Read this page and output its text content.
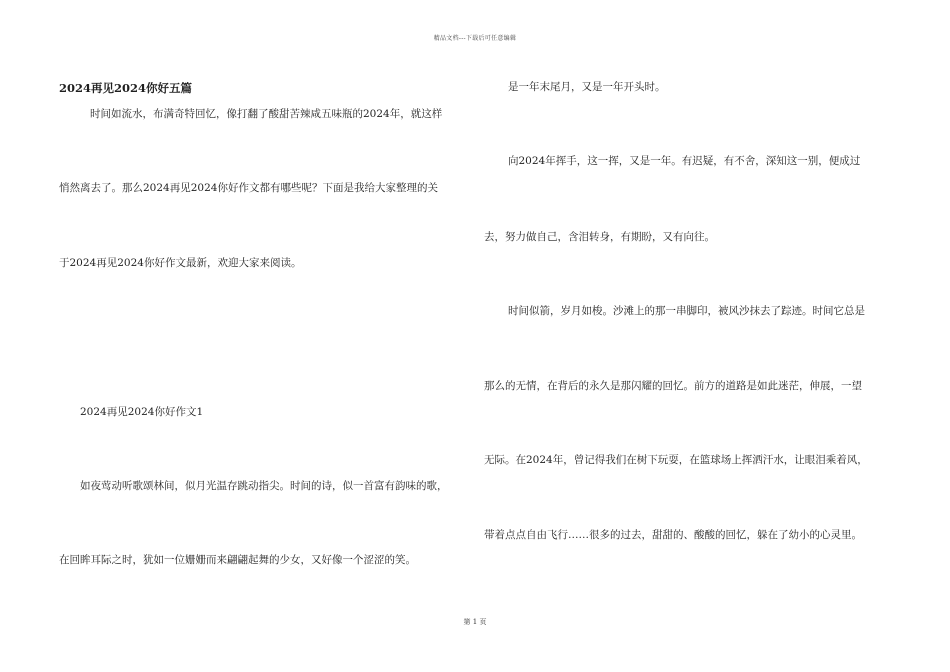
精品文档---下载后可任意编辑
2024再见2024你好五篇
时间如流水，布满奇特回忆，像打翻了酸甜苦辣咸五味瓶的2024年，就这样
悄然离去了。那么2024再见2024你好作文都有哪些呢？下面是我给大家整理的关
于2024再见2024你好作文最新，欢迎大家来阅读。
2024再见2024你好作文1
如夜莺动听歌颂林间，似月光温存跳动指尖。时间的诗，似一首富有韵味的歌，
在回眸耳际之时，犹如一位姗姗而来翩翩起舞的少女，又好像一个涩涩的笑。
是一年末尾月，又是一年开头时。
向2024年挥手，这一挥，又是一年。有迟疑，有不舍，深知这一别，便成过
去，努力做自己，含泪转身，有期盼，又有向往。
时间似箭，岁月如梭。沙滩上的那一串脚印，被风沙抹去了踪迹。时间它总是
那么的无情，在背后的永久是那闪耀的回忆。前方的道路是如此迷茫，伸展，一望
无际。在2024年，曾记得我们在树下玩耍，在篮球场上挥洒汗水，让眼泪乘着风，
带着点点自由飞行……很多的过去，甜甜的、酸酸的回忆，躲在了幼小的心灵里。
第 1 页
